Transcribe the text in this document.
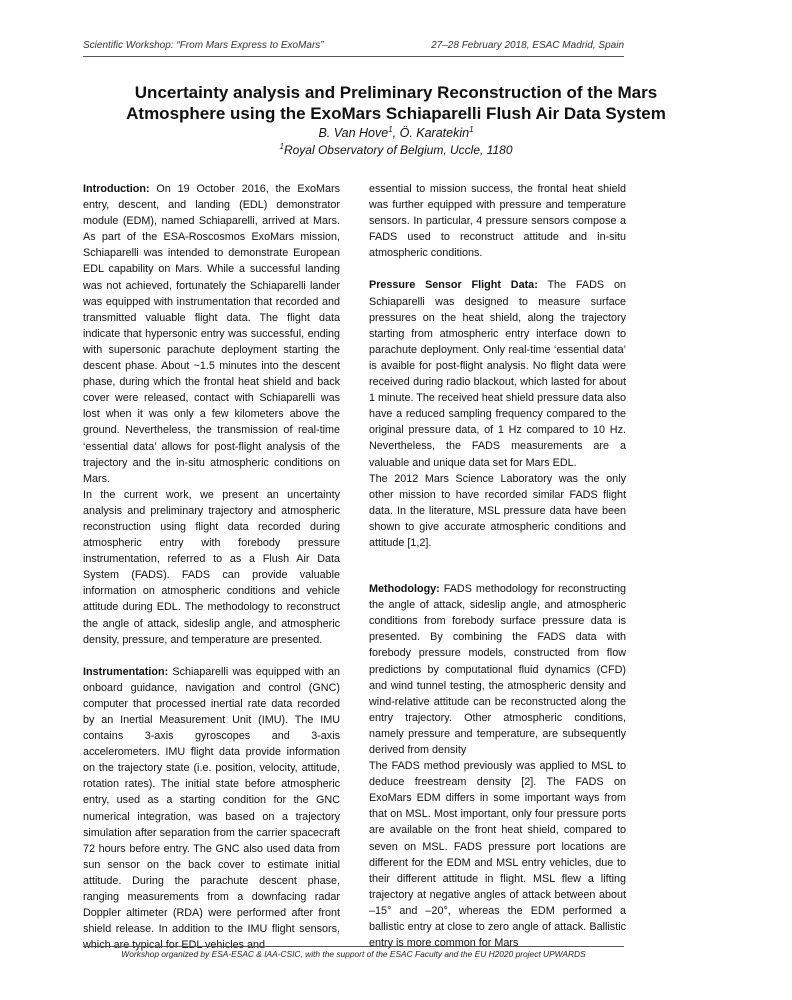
Scientific Workshop: “From Mars Express to ExoMars”	27–28 February 2018, ESAC Madrid, Spain
Uncertainty analysis and Preliminary Reconstruction of the Mars
Atmosphere using the ExoMars Schiaparelli Flush Air Data System
B. Van Hove$^1$, Ö. Karatekin$^1$
$^1$Royal Observatory of Belgium, Uccle, 1180

Introduction: On 19 October 2016, the ExoMars entry, descent, and landing (EDL) demonstrator module (EDM), named Schiaparelli, arrived at Mars. As part of the ESA-Roscosmos ExoMars mission, Schiaparelli was intended to demonstrate European EDL capability on Mars. While a successful landing was not achieved, fortunately the Schiaparelli lander was equipped with instrumentation that recorded and transmitted valuable flight data. The flight data indicate that hypersonic entry was successful, ending with supersonic parachute deployment starting the descent phase. About ~1.5 minutes into the descent phase, during which the frontal heat shield and back cover were released, contact with Schiaparelli was lost when it was only a few kilometers above the ground. Nevertheless, the transmission of real-time ‘essential data’ allows for post-flight analysis of the trajectory and the in-situ atmospheric conditions on Mars.

In the current work, we present an uncertainty analysis and preliminary trajectory and atmospheric reconstruction using flight data recorded during atmospheric entry with forebody pressure instrumentation, referred to as a Flush Air Data System (FADS). FADS can provide valuable information on atmospheric conditions and vehicle attitude during EDL. The methodology to reconstruct the angle of attack, sideslip angle, and atmospheric density, pressure, and temperature are presented.

Instrumentation: Schiaparelli was equipped with an onboard guidance, navigation and control (GNC) computer that processed inertial rate data recorded by an Inertial Measurement Unit (IMU). The IMU contains 3-axis gyroscopes and 3-axis accelerometers. IMU flight data provide information on the trajectory state (i.e. position, velocity, attitude, rotation rates). The initial state before atmospheric entry, used as a starting condition for the GNC numerical integration, was based on a trajectory simulation after separation from the carrier spacecraft 72 hours before entry. The GNC also used data from sun sensor on the back cover to estimate initial attitude. During the parachute descent phase, ranging measurements from a downfacing radar Doppler altimeter (RDA) were performed after front shield release. In addition to the IMU flight sensors, which are typical for EDL vehicles and

essential to mission success, the frontal heat shield was further equipped with pressure and temperature sensors. In particular, 4 pressure sensors compose a FADS used to reconstruct attitude and in-situ atmospheric conditions.

Pressure Sensor Flight Data: The FADS on Schiaparelli was designed to measure surface pressures on the heat shield, along the trajectory starting from atmospheric entry interface down to parachute deployment. Only real-time ‘essential data’ is avaible for post-flight analysis. No flight data were received during radio blackout, which lasted for about 1 minute. The received heat shield pressure data also have a reduced sampling frequency compared to the original pressure data, of 1 Hz compared to 10 Hz. Nevertheless, the FADS measurements are a valuable and unique data set for Mars EDL.

The 2012 Mars Science Laboratory was the only other mission to have recorded similar FADS flight data. In the literature, MSL pressure data have been shown to give accurate atmospheric conditions and attitude [1,2].

Methodology: FADS methodology for reconstructing the angle of attack, sideslip angle, and atmospheric conditions from forebody surface pressure data is presented. By combining the FADS data with forebody pressure models, constructed from flow predictions by computational fluid dynamics (CFD) and wind tunnel testing, the atmospheric density and wind-relative attitude can be reconstructed along the entry trajectory. Other atmospheric conditions, namely pressure and temperature, are subsequently derived from density

The FADS method previously was applied to MSL to deduce freestream density [2]. The FADS on ExoMars EDM differs in some important ways from that on MSL. Most important, only four pressure ports are available on the front heat shield, compared to seven on MSL. FADS pressure port locations are different for the EDM and MSL entry vehicles, due to their different attitude in flight. MSL flew a lifting trajectory at negative angles of attack between about –15° and –20°, whereas the EDM performed a ballistic entry at close to zero angle of attack. Ballistic entry is more common for Mars

Workshop organized by ESA-ESAC & IAA-CSIC, with the support of the ESAC Faculty and the EU H2020 project UPWARDS
